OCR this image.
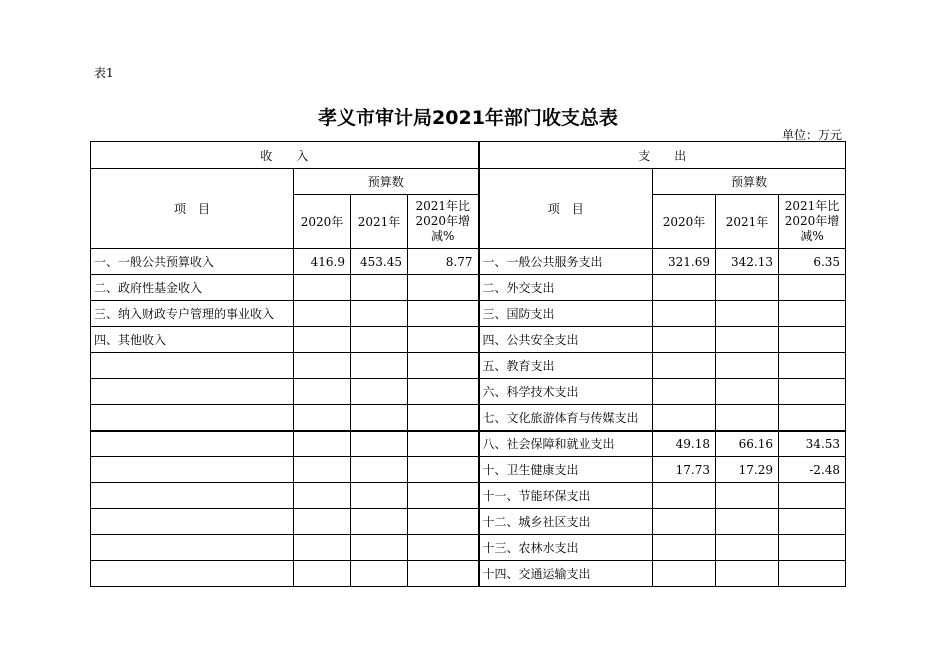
表1
孝义市审计局2021年部门收支总表
单位：万元
收　　入				支　　出			
项　目	预算数			项　目	预算数		
	2020年	2021年	2021年比2020年增减%		2020年	2021年	2021年比2020年增减%
一、一般公共预算收入	416.9	453.45	8.77	一、一般公共服务支出	321.69	342.13	6.35
二、政府性基金收入				二、外交支出			
三、纳入财政专户管理的事业收入				三、国防支出			
四、其他收入				四、公共安全支出			
				五、教育支出			
				六、科学技术支出			
				七、文化旅游体育与传媒支出			
				八、社会保障和就业支出	49.18	66.16	34.53
				十、卫生健康支出	17.73	17.29	-2.48
				十一、节能环保支出			
				十二、城乡社区支出			
				十三、农林水支出			
				十四、交通运输支出			
